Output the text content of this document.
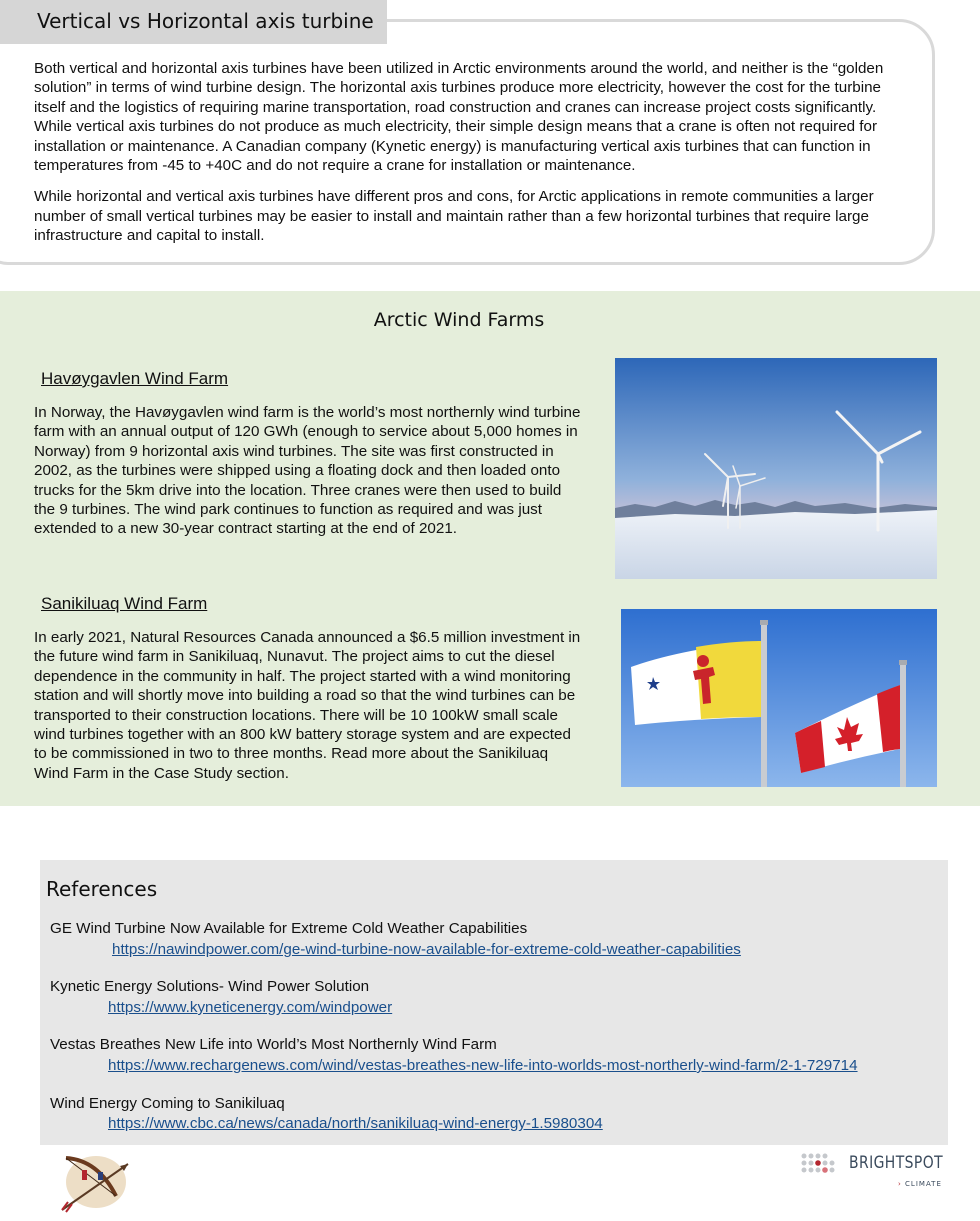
Vertical vs Horizontal axis turbine

Both vertical and horizontal axis turbines have been utilized in Arctic environments around the world, and neither is the “golden solution” in terms of wind turbine design. The horizontal axis turbines produce more electricity, however the cost for the turbine itself and the logistics of requiring marine transportation, road construction and cranes can increase project costs significantly. While vertical axis turbines do not produce as much electricity, their simple design means that a crane is often not required for installation or maintenance. A Canadian company (Kynetic energy) is manufacturing vertical axis turbines that can function in temperatures from -45 to +40C and do not require a crane for installation or maintenance.

While horizontal and vertical axis turbines have different pros and cons, for Arctic applications in remote communities a larger number of small vertical turbines may be easier to install and maintain rather than a few horizontal turbines that require large infrastructure and capital to install.

Arctic Wind Farms
Havøygavlen Wind Farm
In Norway, the Havøygavlen wind farm is the world’s most northernly wind turbine farm with an annual output of 120 GWh (enough to service about 5,000 homes in Norway) from 9 horizontal axis wind turbines. The site was first constructed in 2002, as the turbines were shipped using a floating dock and then loaded onto trucks for the 5km drive into the location. Three cranes were then used to build the 9 turbines. The wind park continues to function as required and was just extended to a new 30-year contract starting at the end of 2021.
Sanikiluaq Wind Farm
In early 2021, Natural Resources Canada announced a $6.5 million investment in the future wind farm in Sanikiluaq, Nunavut. The project aims to cut the diesel dependence in the community in half. The project started with a wind monitoring station and will shortly move into building a road so that the wind turbines can be transported to their construction locations. There will be 10 100kW small scale wind turbines together with an 800 kW battery storage system and are expected to be commissioned in two to three months. Read more about the Sanikiluaq Wind Farm in the Case Study section.
References
GE Wind Turbine Now Available for Extreme Cold Weather Capabilities
https://nawindpower.com/ge-wind-turbine-now-available-for-extreme-cold-weather-capabilities
Kynetic Energy Solutions- Wind Power Solution
https://www.kyneticenergy.com/windpower
Vestas Breathes New Life into World’s Most Northernly Wind Farm
https://www.rechargenews.com/wind/vestas-breathes-new-life-into-worlds-most-northerly-wind-farm/2-1-729714
Wind Energy Coming to Sanikiluaq
https://www.cbc.ca/news/canada/north/sanikiluaq-wind-energy-1.5980304
BRIGHTSPOT
› CLIMATE
